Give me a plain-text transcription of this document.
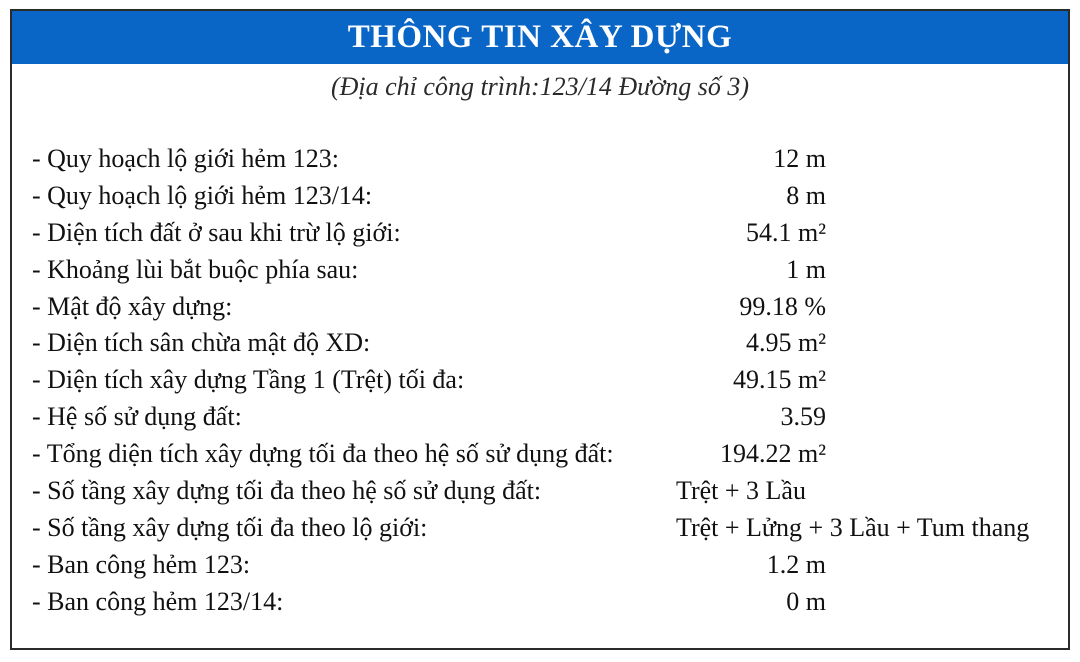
THÔNG TIN XÂY DỰNG
(Địa chỉ công trình:123/14 Đường số 3)
- Quy hoạch lộ giới hẻm 123:	12 m
- Quy hoạch lộ giới hẻm 123/14:	8 m
- Diện tích đất ở sau khi trừ lộ giới:	54.1 m²
- Khoảng lùi bắt buộc phía sau:	1 m
- Mật độ xây dựng:	99.18 %
- Diện tích sân chừa mật độ XD:	4.95 m²
- Diện tích xây dựng Tầng 1 (Trệt) tối đa:	49.15 m²
- Hệ số sử dụng đất:	3.59
- Tổng diện tích xây dựng tối đa theo hệ số sử dụng đất:	194.22 m²
- Số tầng xây dựng tối đa theo hệ số sử dụng đất:	Trệt + 3 Lầu
- Số tầng xây dựng tối đa theo lộ giới:	Trệt + Lửng + 3 Lầu + Tum thang
- Ban công hẻm 123:	1.2 m
- Ban công hẻm 123/14:	0 m
